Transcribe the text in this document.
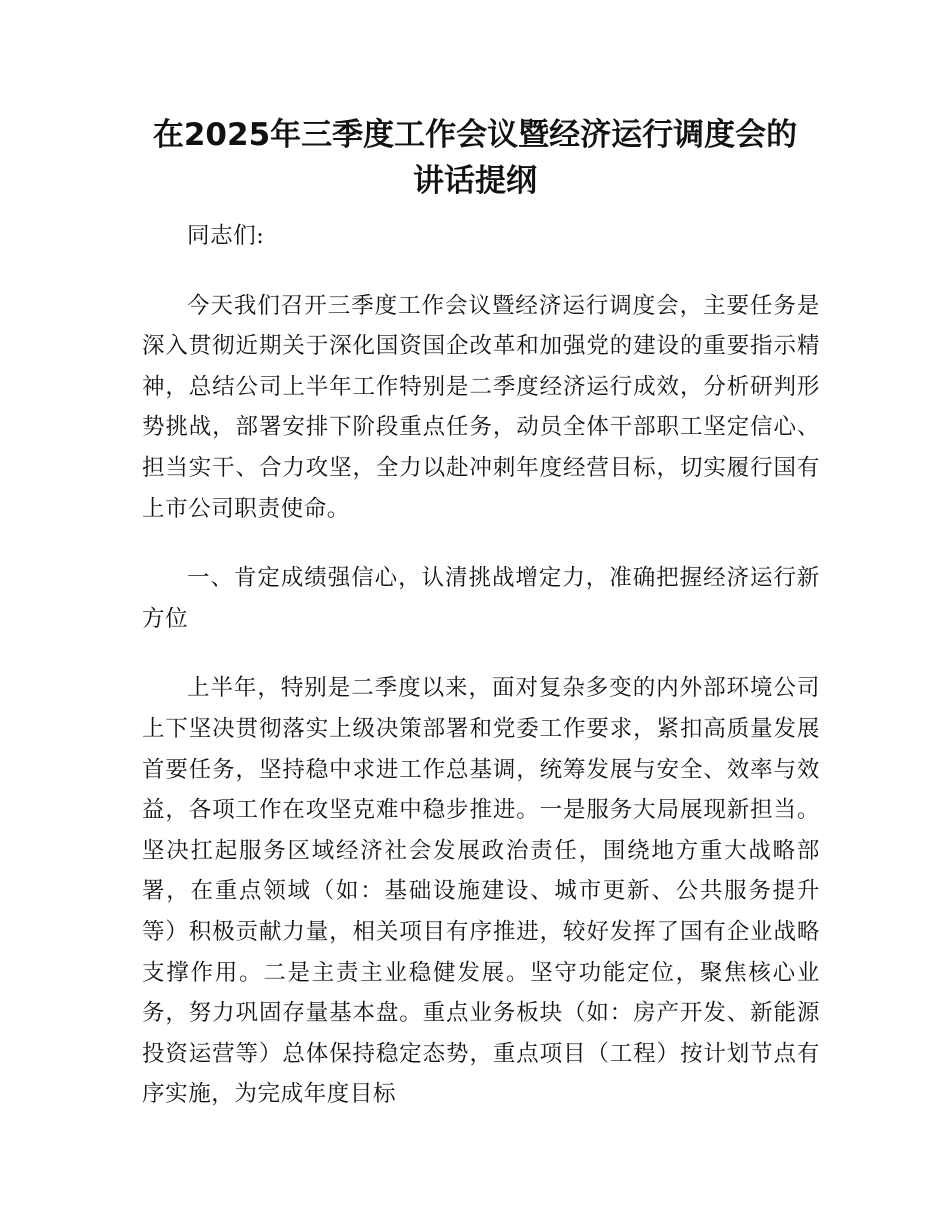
在2025年三季度工作会议暨经济运行调度会的
讲话提纲

同志们:

今天我们召开三季度工作会议暨经济运行调度会，主要任务是深入贯彻近期关于深化国资国企改革和加强党的建设的重要指示精神，总结公司上半年工作特别是二季度经济运行成效，分析研判形势挑战，部署安排下阶段重点任务，动员全体干部职工坚定信心、担当实干、合力攻坚，全力以赴冲刺年度经营目标，切实履行国有上市公司职责使命。

一、肯定成绩强信心，认清挑战增定力，准确把握经济运行新方位

上半年，特别是二季度以来，面对复杂多变的内外部环境公司上下坚决贯彻落实上级决策部署和党委工作要求，紧扣高质量发展首要任务，坚持稳中求进工作总基调，统筹发展与安全、效率与效益，各项工作在攻坚克难中稳步推进。一是服务大局展现新担当。坚决扛起服务区域经济社会发展政治责任，围绕地方重大战略部署，在重点领域（如：基础设施建设、城市更新、公共服务提升等）积极贡献力量，相关项目有序推进，较好发挥了国有企业战略支撑作用。二是主责主业稳健发展。坚守功能定位，聚焦核心业务，努力巩固存量基本盘。重点业务板块（如：房产开发、新能源投资运营等）总体保持稳定态势，重点项目（工程）按计划节点有序实施，为完成年度目标
